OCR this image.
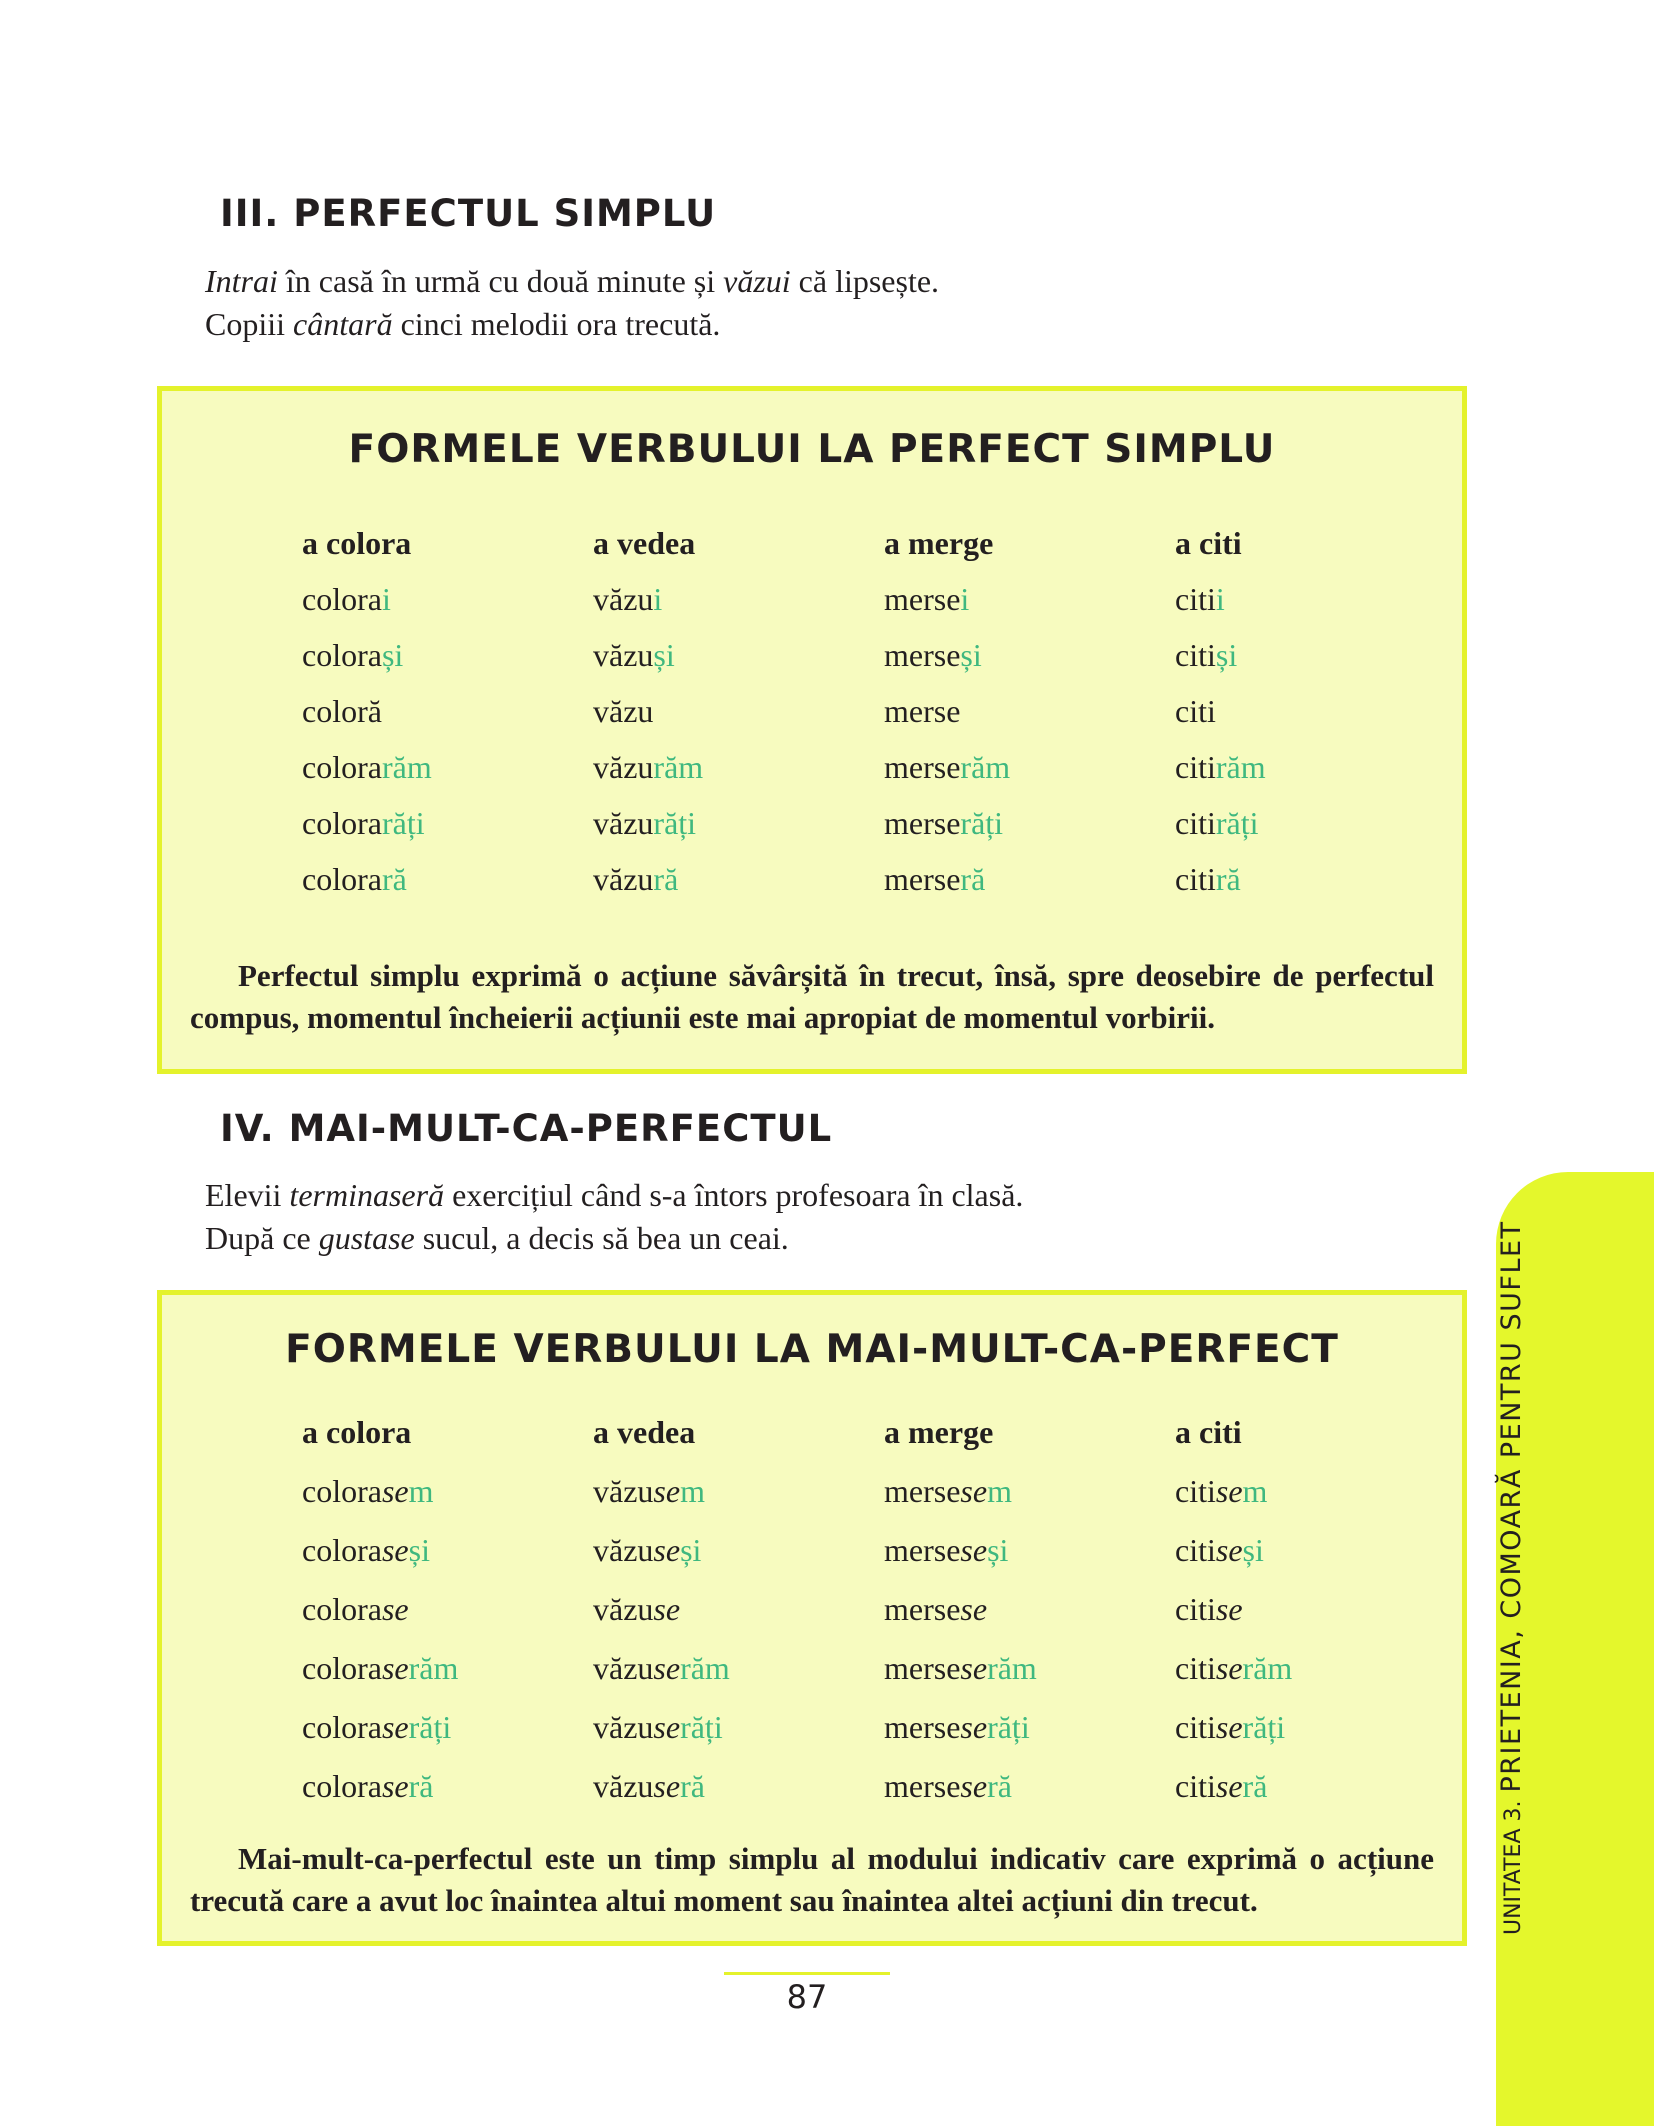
III. PERFECTUL SIMPLU

Intrai în casă în urmă cu două minute și văzui că lipsește.

Copiii cântară cinci melodii ora trecută.

FORMELE VERBULUI LA PERFECT SIMPLU
a colora	a vedea	a merge	a citi
colorai	văzui	mersei	citii
colorași	văzuși	merseși	citiși
coloră	văzu	merse	citi
colorarăm	văzurăm	merserăm	citirăm
colorarăți	văzurăți	merserăți	citirăți
colorară	văzură	merseră	citiră

Perfectul simplu exprimă o acțiune săvârșită în trecut, însă, spre deosebire de perfectul compus, momentul încheierii acțiunii este mai apropiat de momentul vorbirii.

IV. MAI-MULT-CA-PERFECTUL

Elevii terminaseră exercițiul când s-a întors profesoara în clasă.

După ce gustase sucul, a decis să bea un ceai.

FORMELE VERBULUI LA MAI-MULT-CA-PERFECT
a colora	a vedea	a merge	a citi
colorasem	văzusem	mersesem	citisem
coloraseși	văzuseși	merseseși	citiseși
colorase	văzuse	mersese	citise
coloraserăm	văzuserăm	merseserăm	citiserăm
coloraserăți	văzuserăți	merseserăți	citiserăți
coloraseră	văzuseră	merseseră	citiseră

Mai-mult-ca-perfectul este un timp simplu al modului indicativ care exprimă o acțiune trecută care a avut loc înaintea altui moment sau înaintea altei acțiuni din trecut.

87

UNITATEA 3.PRIETENIA, COMOARĂ PENTRU SUFLET
